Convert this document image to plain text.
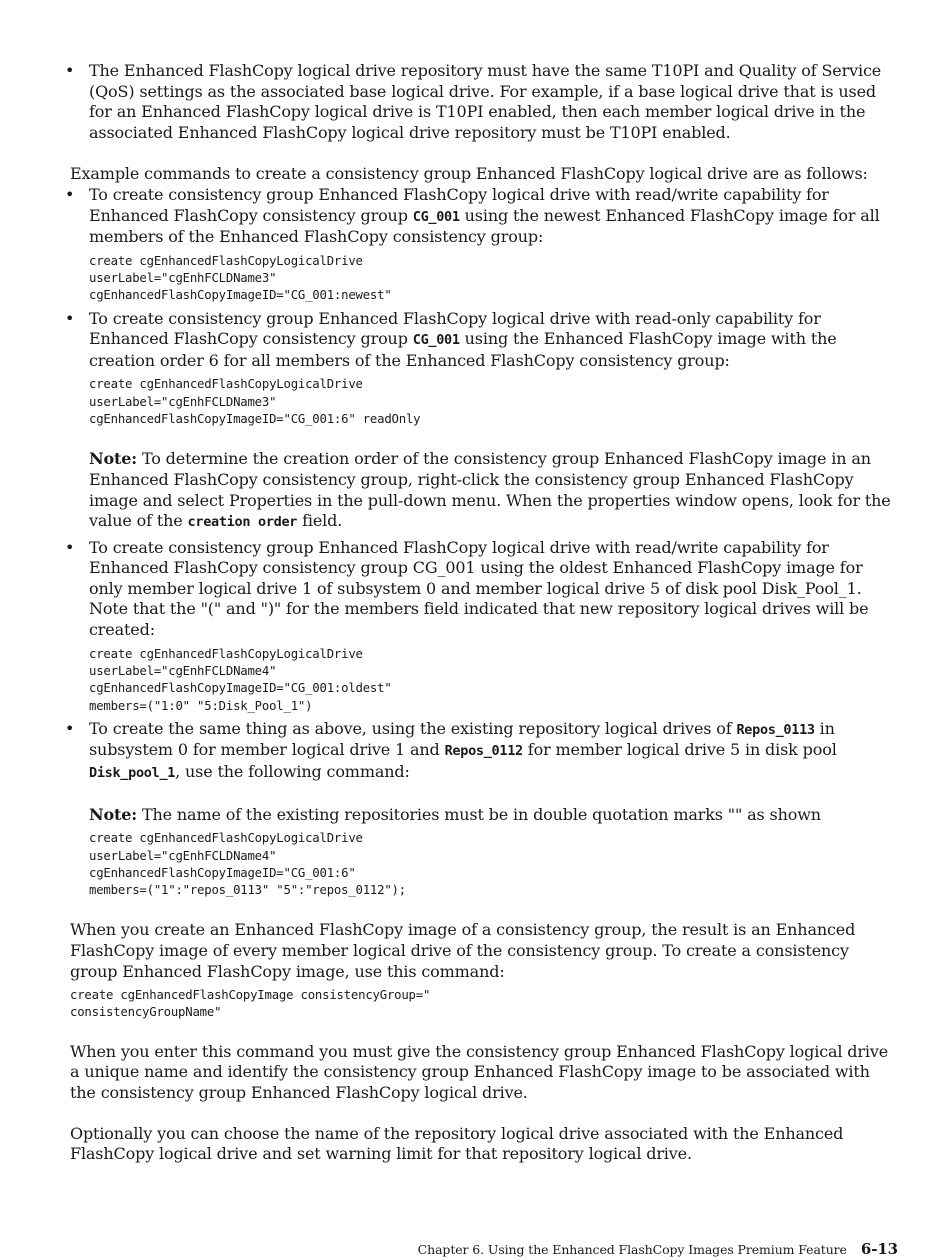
• The Enhanced FlashCopy logical drive repository must have the same T10PI and Quality of Service (QoS) settings as the associated base logical drive. For example, if a base logical drive that is used for an Enhanced FlashCopy logical drive is T10PI enabled, then each member logical drive in the associated Enhanced FlashCopy logical drive repository must be T10PI enabled.

Example commands to create a consistency group Enhanced FlashCopy logical drive are as follows:

• To create consistency group Enhanced FlashCopy logical drive with read/write capability for Enhanced FlashCopy consistency group CG_001 using the newest Enhanced FlashCopy image for all members of the Enhanced FlashCopy consistency group:

create cgEnhancedFlashCopyLogicalDrive
userLabel="cgEnhFCLDName3"
cgEnhancedFlashCopyImageID="CG_001:newest"
• To create consistency group Enhanced FlashCopy logical drive with read-only capability for Enhanced FlashCopy consistency group CG_001 using the Enhanced FlashCopy image with the creation order 6 for all members of the Enhanced FlashCopy consistency group:

create cgEnhancedFlashCopyLogicalDrive
userLabel="cgEnhFCLDName3"
cgEnhancedFlashCopyImageID="CG_001:6" readOnly

Note: To determine the creation order of the consistency group Enhanced FlashCopy image in an Enhanced FlashCopy consistency group, right-click the consistency group Enhanced FlashCopy image and select Properties in the pull-down menu. When the properties window opens, look for the value of the creation order field.

• To create consistency group Enhanced FlashCopy logical drive with read/write capability for Enhanced FlashCopy consistency group CG_001 using the oldest Enhanced FlashCopy image for only member logical drive 1 of subsystem 0 and member logical drive 5 of disk pool Disk_Pool_1. Note that the "(" and ")" for the members field indicated that new repository logical drives will be created:

create cgEnhancedFlashCopyLogicalDrive
userLabel="cgEnhFCLDName4"
cgEnhancedFlashCopyImageID="CG_001:oldest"
members=("1:0" "5:Disk_Pool_1")
• To create the same thing as above, using the existing repository logical drives of Repos_0113 in subsystem 0 for member logical drive 1 and Repos_0112 for member logical drive 5 in disk pool Disk_pool_1, use the following command:

Note: The name of the existing repositories must be in double quotation marks "" as shown

create cgEnhancedFlashCopyLogicalDrive
userLabel="cgEnhFCLDName4"
cgEnhancedFlashCopyImageID="CG_001:6"
members=("1":"repos_0113" "5":"repos_0112");

When you create an Enhanced FlashCopy image of a consistency group, the result is an Enhanced FlashCopy image of every member logical drive of the consistency group. To create a consistency group Enhanced FlashCopy image, use this command:

create cgEnhancedFlashCopyImage consistencyGroup="
consistencyGroupName"

When you enter this command you must give the consistency group Enhanced FlashCopy logical drive a unique name and identify the consistency group Enhanced FlashCopy image to be associated with the consistency group Enhanced FlashCopy logical drive.

Optionally you can choose the name of the repository logical drive associated with the Enhanced FlashCopy logical drive and set warning limit for that repository logical drive.

Chapter 6. Using the Enhanced FlashCopy Images Premium Feature 6-13
